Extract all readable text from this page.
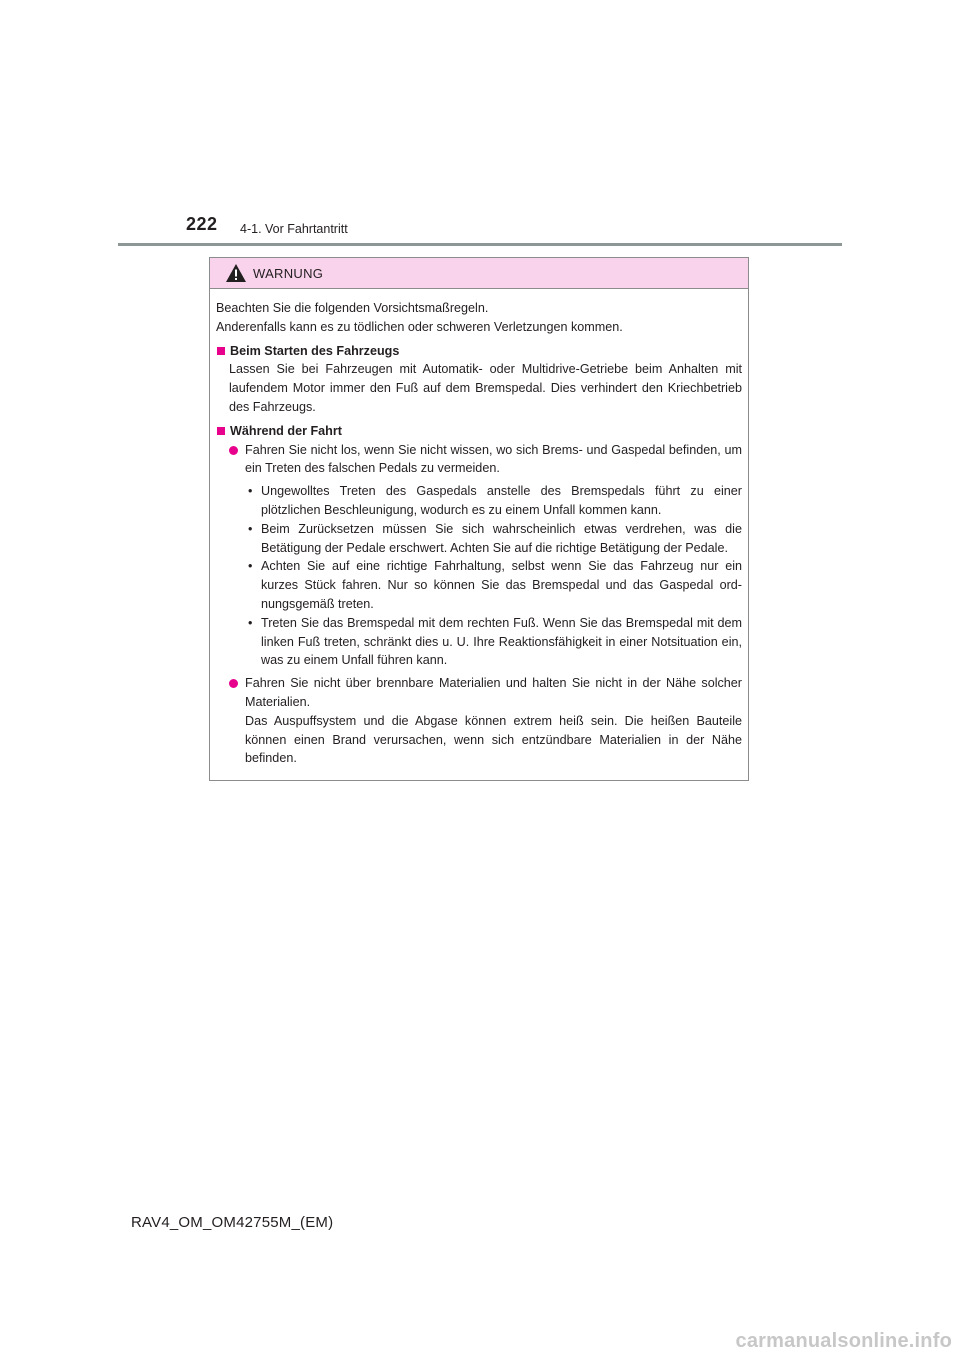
222 4-1. Vor Fahrtantritt
WARNUNG

Beachten Sie die folgenden Vorsichtsmaßregeln.

Anderenfalls kann es zu tödlichen oder schweren Verletzungen kommen.

Beim Starten des Fahrzeugs

Lassen Sie bei Fahrzeugen mit Automatik- oder Multidrive-Getriebe beim Anhalten mit laufendem Motor immer den Fuß auf dem Bremspedal. Dies verhindert den Kriechbetrieb des Fahrzeugs.

Während der Fahrt
Fahren Sie nicht los, wenn Sie nicht wissen, wo sich Brems- und Gaspedal befinden, um ein Treten des falschen Pedals zu vermeiden.
• Ungewolltes Treten des Gaspedals anstelle des Bremspedals führt zu einer plötzlichen Beschleunigung, wodurch es zu einem Unfall kommen kann.
• Beim Zurücksetzen müssen Sie sich wahrscheinlich etwas verdrehen, was die Betätigung der Pedale erschwert. Achten Sie auf die richtige Betätigung der Pedale.
• Achten Sie auf eine richtige Fahrhaltung, selbst wenn Sie das Fahrzeug nur ein kurzes Stück fahren. Nur so können Sie das Bremspedal und das Gaspedal ordnungsgemäß treten.
• Treten Sie das Bremspedal mit dem rechten Fuß. Wenn Sie das Bremspedal mit dem linken Fuß treten, schränkt dies u. U. Ihre Reaktionsfähigkeit in einer Notsituation ein, was zu einem Unfall führen kann.
Fahren Sie nicht über brennbare Materialien und halten Sie nicht in der Nähe solcher Materialien.
Das Auspuffsystem und die Abgase können extrem heiß sein. Die heißen Bauteile können einen Brand verursachen, wenn sich entzündbare Materialien in der Nähe befinden.
RAV4_OM_OM42755M_(EM)
carmanualsonline.info
